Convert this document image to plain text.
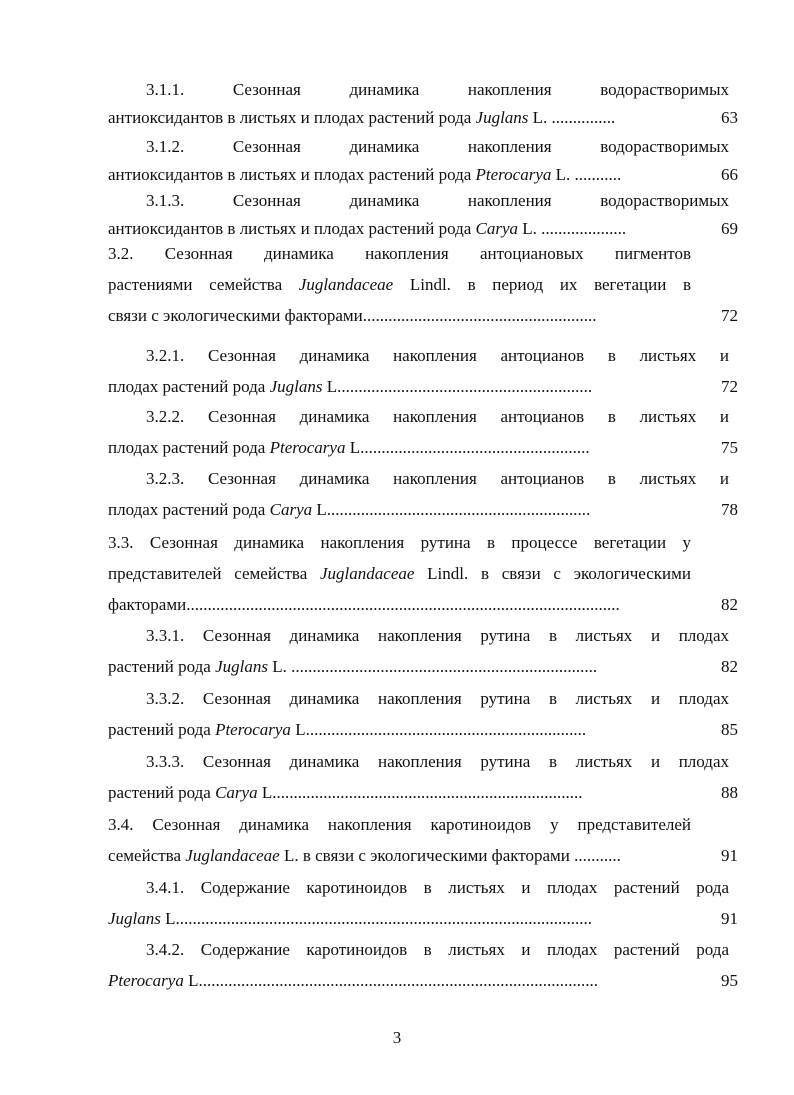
3.1.1. Сезонная динамика накопления водорастворимых
антиоксидантов в листьях и плодах растений рода Juglans L. ...............	63
3.1.2. Сезонная динамика накопления водорастворимых
антиоксидантов в листьях и плодах растений рода Pterocarya L. ...........	66
3.1.3. Сезонная динамика накопления водорастворимых
антиоксидантов в листьях и плодах растений рода Carya L. ....................	69
3.2. Сезонная динамика накопления антоциановых пигментов
растениями семейства Juglandaceae Lindl. в период их вегетации в
связи с экологическими факторами.......................................................	72
3.2.1. Сезонная динамика накопления антоцианов в листьях и
плодах растений рода Juglans L............................................................	72
3.2.2. Сезонная динамика накопления антоцианов в листьях и
плодах растений рода Pterocarya L......................................................	75
3.2.3. Сезонная динамика накопления антоцианов в листьях и
плодах растений рода Carya L..............................................................	78
3.3. Сезонная динамика накопления рутина в процессе вегетации у
представителей семейства Juglandaceae Lindl. в связи с экологическими
факторами......................................................................................................	82
3.3.1. Сезонная динамика накопления рутина в листьях и плодах
растений рода Juglans L. ........................................................................	82
3.3.2. Сезонная динамика накопления рутина в листьях и плодах
растений рода Pterocarya L..................................................................	85
3.3.3. Сезонная динамика накопления рутина в листьях и плодах
растений рода Carya L.........................................................................	88
3.4. Сезонная динамика накопления каротиноидов у представителей
семейства Juglandaceae L. в связи с экологическими факторами ...........	91
3.4.1. Содержание каротиноидов в листьях и плодах растений рода
Juglans L..................................................................................................	91
3.4.2. Содержание каротиноидов в листьях и плодах растений рода
Pterocarya L..............................................................................................	95
3
